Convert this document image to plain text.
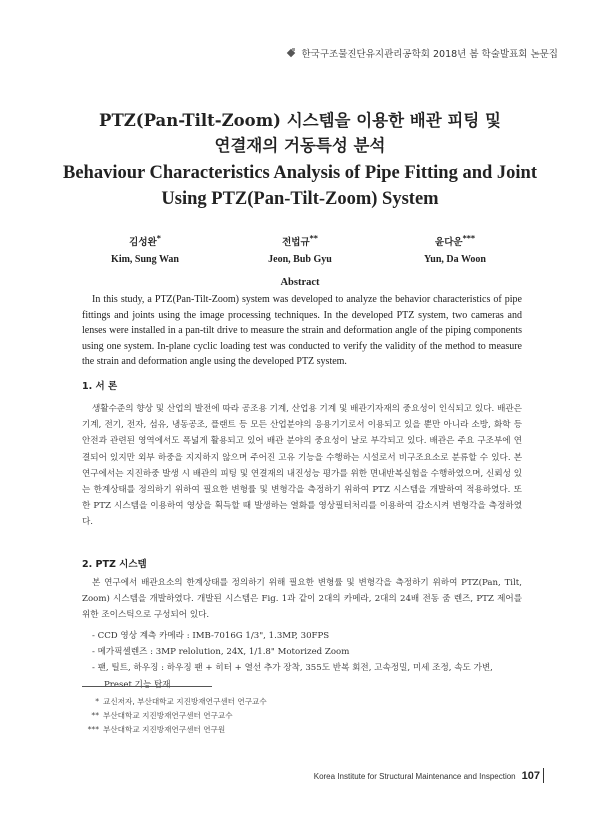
한국구조물진단유지관리공학회 2018년 봄 학술발표회 논문집
PTZ(Pan-Tilt-Zoom) 시스템을 이용한 배관 피팅 및
연결재의 거동특성 분석
Behaviour Characteristics Analysis of Pipe Fitting and Joint
Using PTZ(Pan-Tilt-Zoom) System
김성완*
Kim, Sung Wan
전법규**
Jeon, Bub Gyu
윤다운***
Yun, Da Woon
Abstract

In this study, a PTZ(Pan-Tilt-Zoom) system was developed to analyze the behavior characteristics of pipe fittings and joints using the image processing techniques. In the developed PTZ system, two cameras and lenses were installed in a pan-tilt drive to measure the strain and deformation angle of the piping components using one system. In-plane cyclic loading test was conducted to verify the validity of the method to measure the strain and deformation angle using the developed PTZ system.

1. 서 론

생활수준의 향상 및 산업의 발전에 따라 공조용 기계, 산업용 기계 및 배관기자재의 중요성이 인식되고 있다. 배관은 기계, 전기, 전자, 섬유, 냉동공조, 플랜트 등 모든 산업분야의 응용기기로서 이용되고 있을 뿐만 아니라 소방, 화학 등 안전과 관련된 영역에서도 폭넓게 활용되고 있어 배관 분야의 중요성이 날로 부각되고 있다. 배관은 주요 구조부에 연결되어 있지만 외부 하중을 지지하지 않으며 주어진 고유 기능을 수행하는 시설로서 비구조요소로 분류할 수 있다. 본 연구에서는 지진하중 발생 시 배관의 피팅 및 연결재의 내진성능 평가를 위한 면내반복실험을 수행하였으며, 신뢰성 있는 한계상태를 정의하기 위하여 필요한 변형률 및 변형각을 측정하기 위하여 PTZ 시스템을 개발하여 적용하였다. 또한 PTZ 시스템을 이용하여 영상을 획득할 때 발생하는 열화를 영상필터처리를 이용하여 감소시켜 변형각을 측정하였다.

2. PTZ 시스템

본 연구에서 배관요소의 한계상태를 정의하기 위해 필요한 변형률 및 변형각을 측정하기 위하여 PTZ(Pan, Tilt, Zoom) 시스템을 개발하였다. 개발된 시스템은 Fig. 1과 같이 2대의 카메라, 2대의 24배 전동 줌 렌즈, PTZ 제어를 위한 조이스틱으로 구성되어 있다.

- CCD 영상 계측 카메라 : IMB-7016G 1/3", 1.3MP, 30FPS
- 메가픽셀렌즈 : 3MP relolution, 24X, 1/1.8" Motorized Zoom
- 팬, 틸트, 하우징 : 하우징 팬 + 히터 + 열선 추가 장착, 355도 반복 회전, 고속정밀, 미세 조정, 속도 가변, Preset 기능 탑재
* 교신저자, 부산대학교 지진방재연구센터 연구교수
** 부산대학교 지진방재연구센터 연구교수
*** 부산대학교 지진방재연구센터 연구원
Korea Institute for Structural Maintenance and Inspection 107
